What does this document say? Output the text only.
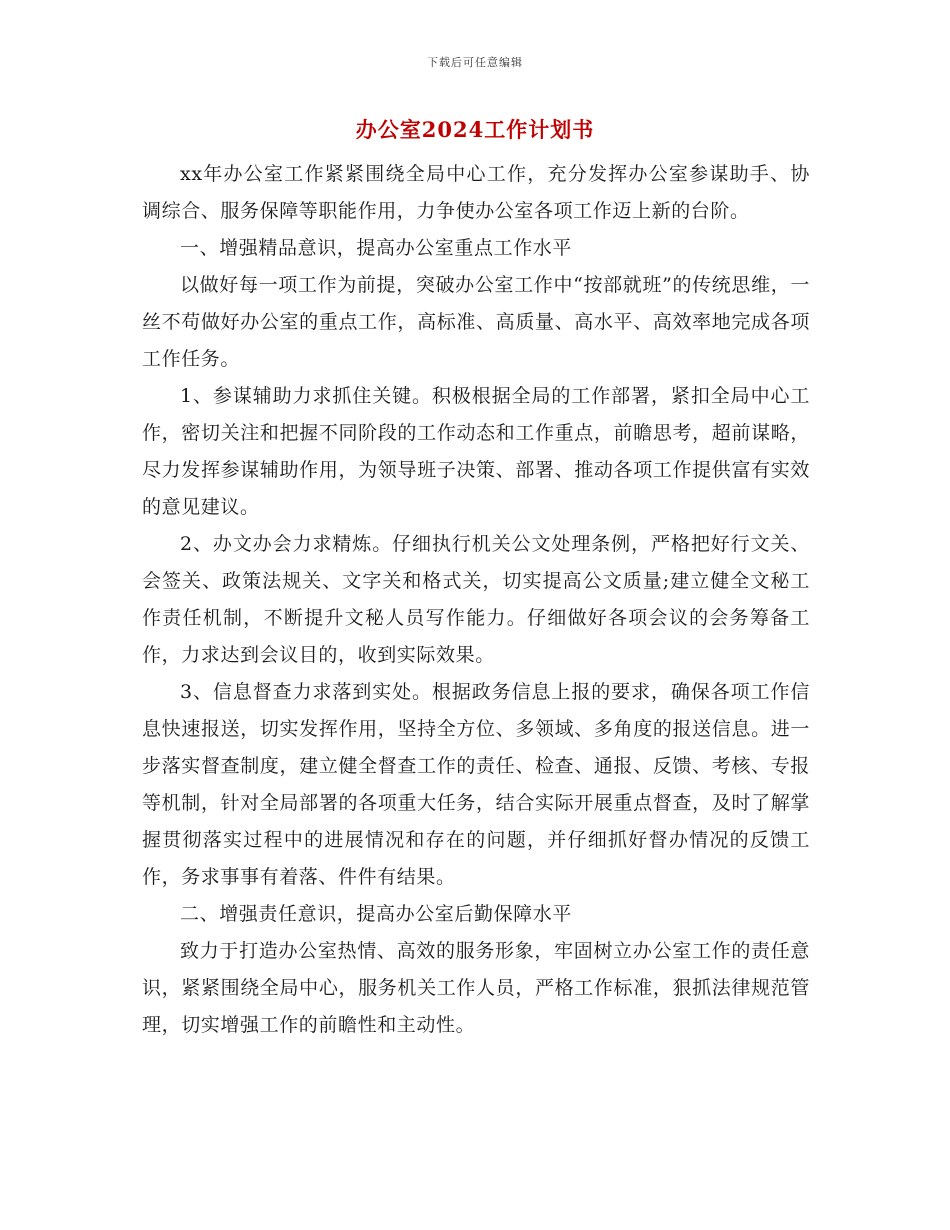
下载后可任意编辑
办公室2024工作计划书

xx年办公室工作紧紧围绕全局中心工作，充分发挥办公室参谋助手、协调综合、服务保障等职能作用，力争使办公室各项工作迈上新的台阶。

一、增强精品意识，提高办公室重点工作水平

以做好每一项工作为前提，突破办公室工作中“按部就班”的传统思维，一丝不苟做好办公室的重点工作，高标准、高质量、高水平、高效率地完成各项工作任务。

1、参谋辅助力求抓住关键。积极根据全局的工作部署，紧扣全局中心工作，密切关注和把握不同阶段的工作动态和工作重点，前瞻思考，超前谋略，尽力发挥参谋辅助作用，为领导班子决策、部署、推动各项工作提供富有实效的意见建议。

2、办文办会力求精炼。仔细执行机关公文处理条例，严格把好行文关、会签关、政策法规关、文字关和格式关，切实提高公文质量;建立健全文秘工作责任机制，不断提升文秘人员写作能力。仔细做好各项会议的会务筹备工作，力求达到会议目的，收到实际效果。

3、信息督查力求落到实处。根据政务信息上报的要求，确保各项工作信息快速报送，切实发挥作用，坚持全方位、多领域、多角度的报送信息。进一步落实督查制度，建立健全督查工作的责任、检查、通报、反馈、考核、专报等机制，针对全局部署的各项重大任务，结合实际开展重点督查，及时了解掌握贯彻落实过程中的进展情况和存在的问题，并仔细抓好督办情况的反馈工作，务求事事有着落、件件有结果。

二、增强责任意识，提高办公室后勤保障水平

致力于打造办公室热情、高效的服务形象，牢固树立办公室工作的责任意识，紧紧围绕全局中心，服务机关工作人员，严格工作标准，狠抓法律规范管理，切实增强工作的前瞻性和主动性。
